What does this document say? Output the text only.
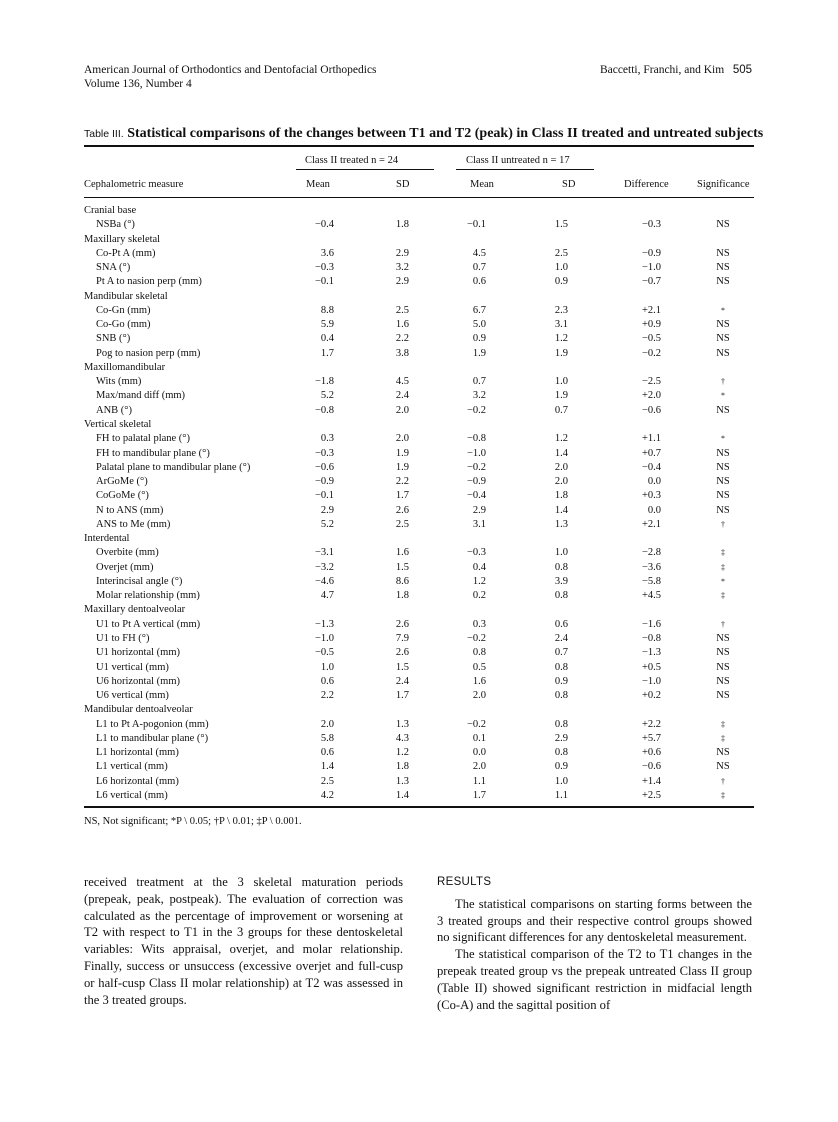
American Journal of Orthodontics and Dentofacial Orthopedics
Volume 136, Number 4
Baccetti, Franchi, and Kim 505
Table III. Statistical comparisons of the changes between T1 and T2 (peak) in Class II treated and untreated subjects
Class II treated n = 24	Class II untreated n = 17
Cephalometric measure	Mean	SD	Mean	SD	Difference	Significance
Cranial base
NSBa (°)	−0.4	1.8	−0.1	1.5	−0.3	NS
Maxillary skeletal
Co-Pt A (mm)	3.6	2.9	4.5	2.5	−0.9	NS
SNA (°)	−0.3	3.2	0.7	1.0	−1.0	NS
Pt A to nasion perp (mm)	−0.1	2.9	0.6	0.9	−0.7	NS
Mandibular skeletal
Co-Gn (mm)	8.8	2.5	6.7	2.3	+2.1	*
Co-Go (mm)	5.9	1.6	5.0	3.1	+0.9	NS
SNB (°)	0.4	2.2	0.9	1.2	−0.5	NS
Pog to nasion perp (mm)	1.7	3.8	1.9	1.9	−0.2	NS
Maxillomandibular
Wits (mm)	−1.8	4.5	0.7	1.0	−2.5	†
Max/mand diff (mm)	5.2	2.4	3.2	1.9	+2.0	*
ANB (°)	−0.8	2.0	−0.2	0.7	−0.6	NS
Vertical skeletal
FH to palatal plane (°)	0.3	2.0	−0.8	1.2	+1.1	*
FH to mandibular plane (°)	−0.3	1.9	−1.0	1.4	+0.7	NS
Palatal plane to mandibular plane (°)	−0.6	1.9	−0.2	2.0	−0.4	NS
ArGoMe (°)	−0.9	2.2	−0.9	2.0	0.0	NS
CoGoMe (°)	−0.1	1.7	−0.4	1.8	+0.3	NS
N to ANS (mm)	2.9	2.6	2.9	1.4	0.0	NS
ANS to Me (mm)	5.2	2.5	3.1	1.3	+2.1	†
Interdental
Overbite (mm)	−3.1	1.6	−0.3	1.0	−2.8	‡
Overjet (mm)	−3.2	1.5	0.4	0.8	−3.6	‡
Interincisal angle (°)	−4.6	8.6	1.2	3.9	−5.8	*
Molar relationship (mm)	4.7	1.8	0.2	0.8	+4.5	‡
Maxillary dentoalveolar
U1 to Pt A vertical (mm)	−1.3	2.6	0.3	0.6	−1.6	†
U1 to FH (°)	−1.0	7.9	−0.2	2.4	−0.8	NS
U1 horizontal (mm)	−0.5	2.6	0.8	0.7	−1.3	NS
U1 vertical (mm)	1.0	1.5	0.5	0.8	+0.5	NS
U6 horizontal (mm)	0.6	2.4	1.6	0.9	−1.0	NS
U6 vertical (mm)	2.2	1.7	2.0	0.8	+0.2	NS
Mandibular dentoalveolar
L1 to Pt A-pogonion (mm)	2.0	1.3	−0.2	0.8	+2.2	‡
L1 to mandibular plane (°)	5.8	4.3	0.1	2.9	+5.7	‡
L1 horizontal (mm)	0.6	1.2	0.0	0.8	+0.6	NS
L1 vertical (mm)	1.4	1.8	2.0	0.9	−0.6	NS
L6 horizontal (mm)	2.5	1.3	1.1	1.0	+1.4	†
L6 vertical (mm)	4.2	1.4	1.7	1.1	+2.5	‡
NS, Not significant; *P \ 0.05; †P \ 0.01; ‡P \ 0.001.

received treatment at the 3 skeletal maturation periods (prepeak, peak, postpeak). The evaluation of correction was calculated as the percentage of improvement or worsening at T2 with respect to T1 in the 3 groups for these dentoskeletal variables: Wits appraisal, overjet, and molar relationship. Finally, success or unsuccess (excessive overjet and full-cusp or half-cusp Class II molar relationship) at T2 was assessed in the 3 treated groups.

RESULTS

The statistical comparisons on starting forms between the 3 treated groups and their respective control groups showed no significant differences for any dentoskeletal measurement.

The statistical comparison of the T2 to T1 changes in the prepeak treated group vs the prepeak untreated Class II group (Table II) showed significant restriction in midfacial length (Co-A) and the sagittal position of
